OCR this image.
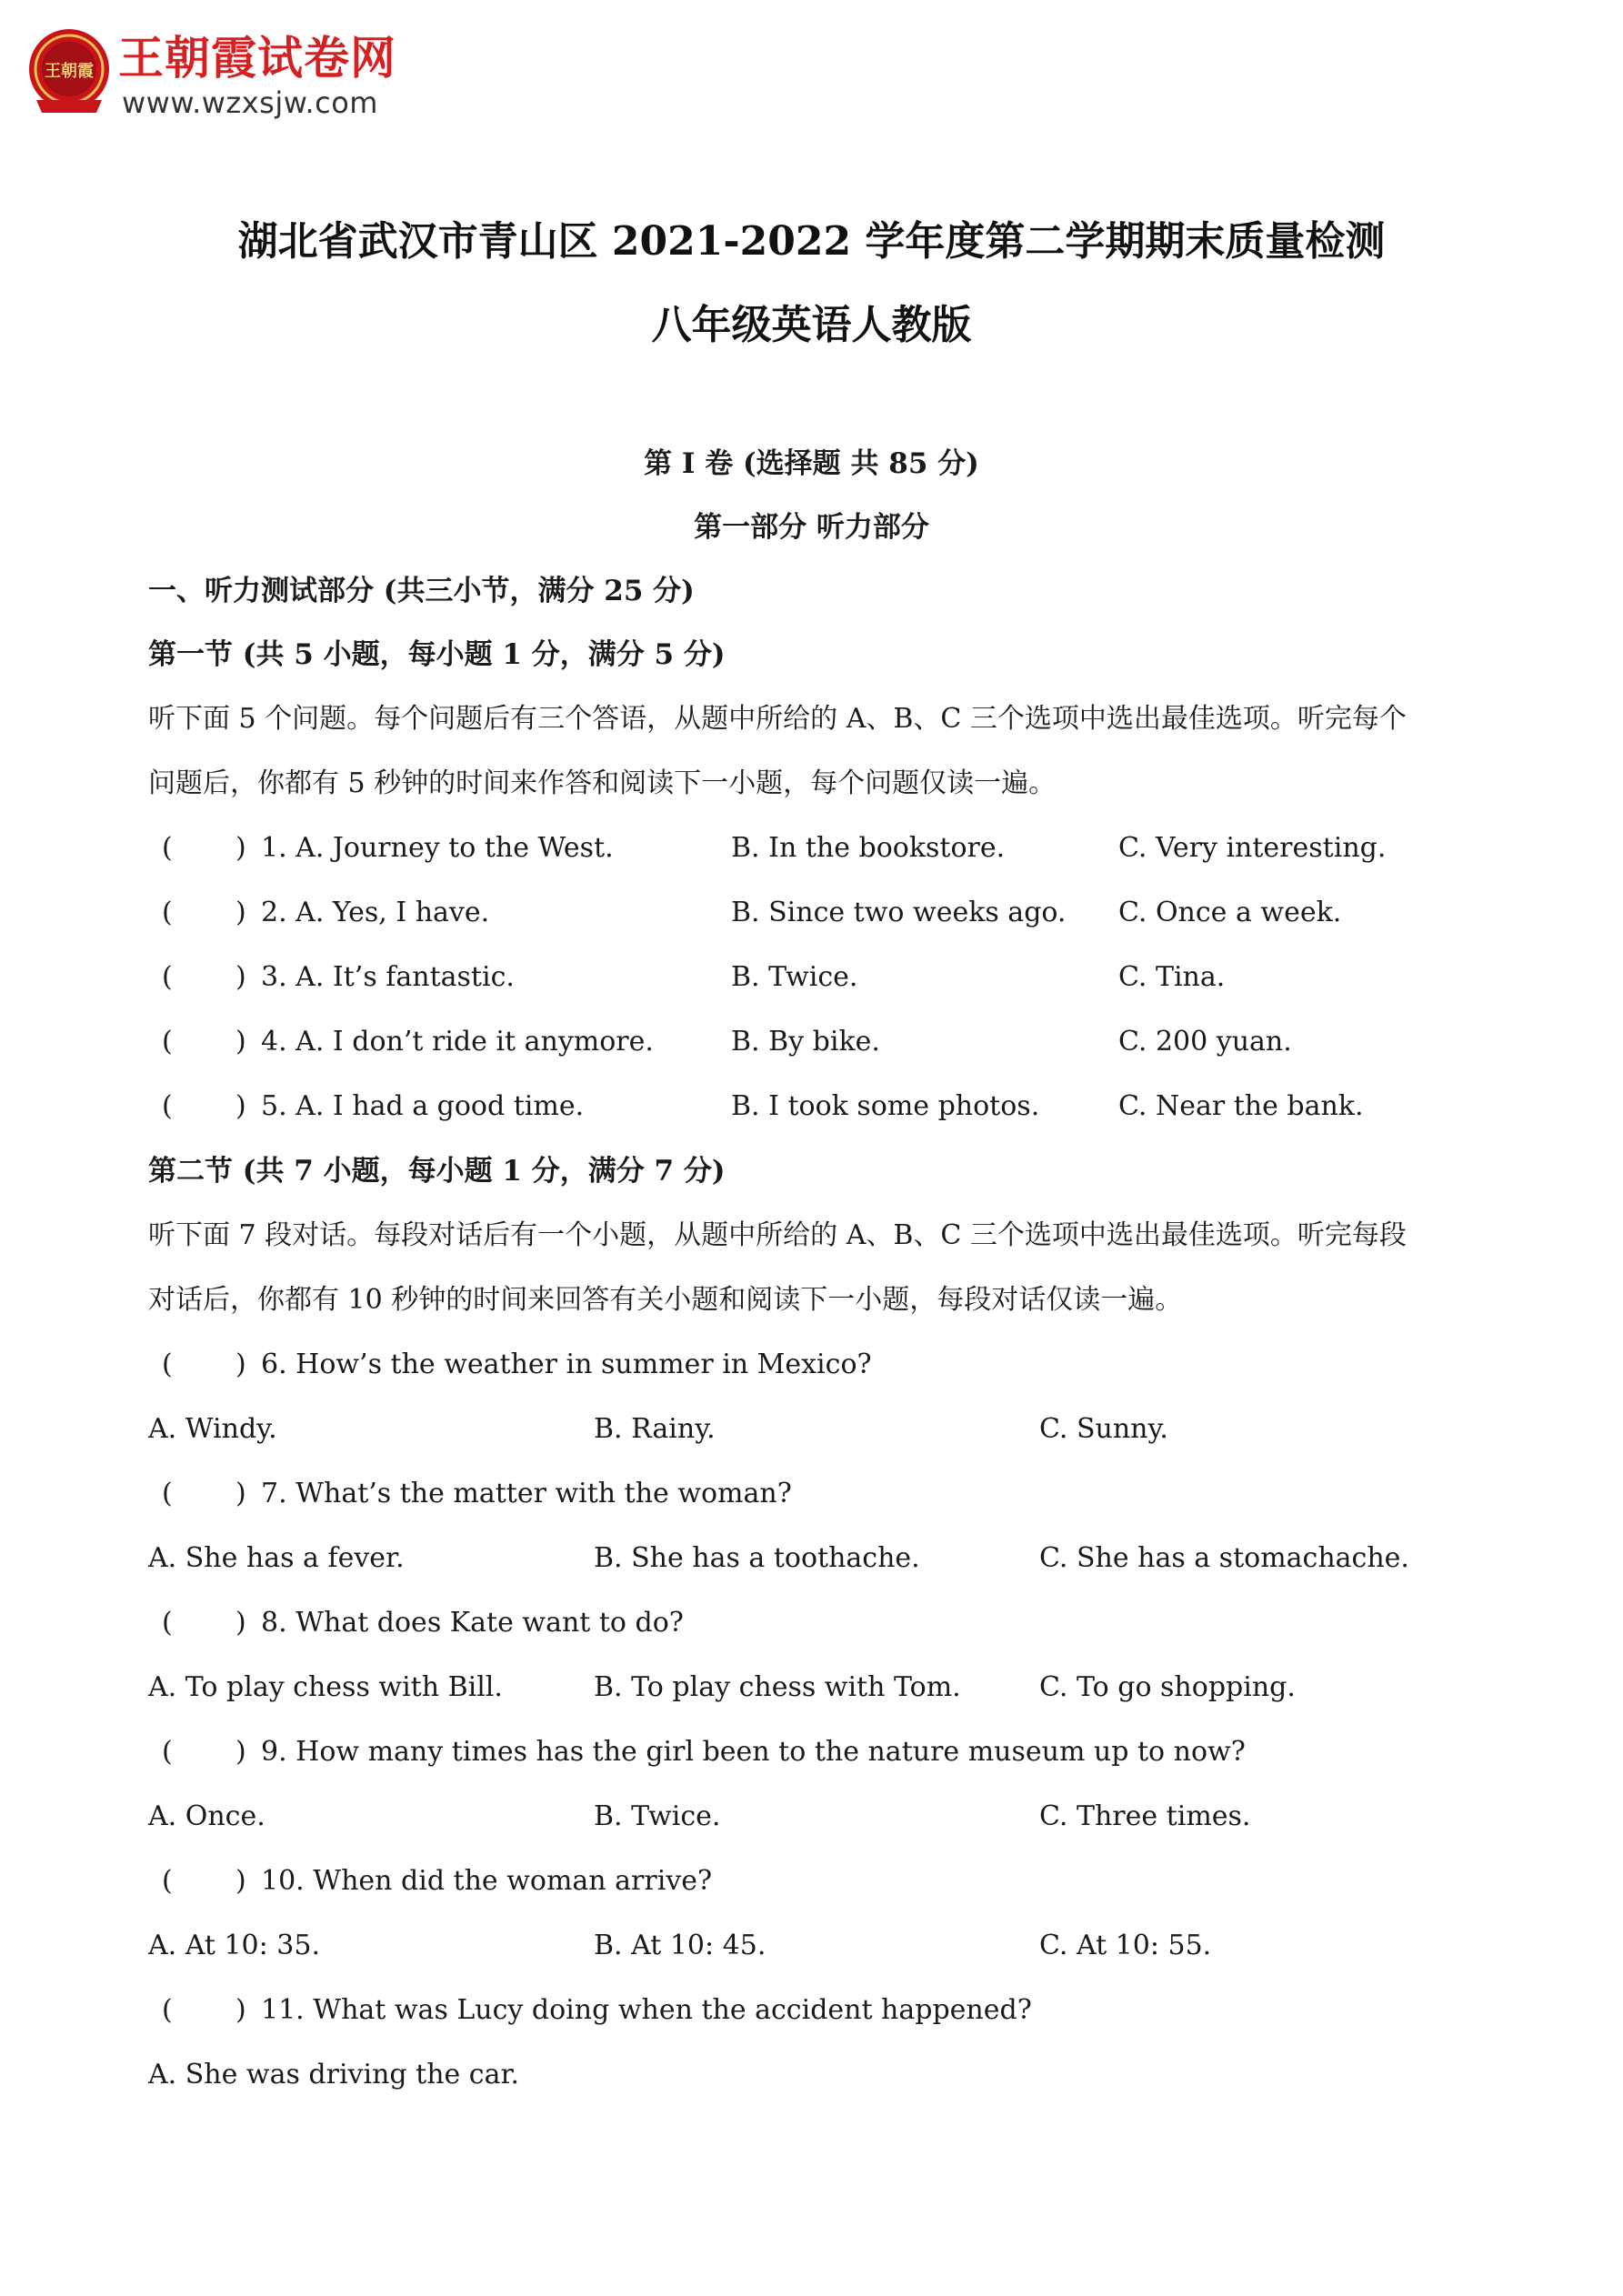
王朝霞 王朝霞试卷网
www.wzxsjw.com
湖北省武汉市青山区 2021-2022 学年度第二学期期末质量检测
八年级英语人教版
第 I 卷 (选择题 共 85 分)
第一部分 听力部分
一、听力测试部分 (共三小节，满分 25 分)
第一节 (共 5 小题，每小题 1 分，满分 5 分)
听下面 5 个问题。每个问题后有三个答语，从题中所给的 A、B、C 三个选项中选出最佳选项。听完每个
问题后，你都有 5 秒钟的时间来作答和阅读下一小题，每个问题仅读一遍。
( ) 1. A. Journey to the West.	B. In the bookstore.	C. Very interesting.
( ) 2. A. Yes, I have.	B. Since two weeks ago. C. Once a week.
( ) 3. A. It’s fantastic.	B. Twice.	C. Tina.
( ) 4. A. I don’t ride it anymore.	B. By bike.	C. 200 yuan.
( ) 5. A. I had a good time.	B. I took some photos.	C. Near the bank.
第二节 (共 7 小题，每小题 1 分，满分 7 分)
听下面 7 段对话。每段对话后有一个小题，从题中所给的 A、B、C 三个选项中选出最佳选项。听完每段
对话后，你都有 10 秒钟的时间来回答有关小题和阅读下一小题，每段对话仅读一遍。
( ) 6. How’s the weather in summer in Mexico?
A. Windy.	B. Rainy.	C. Sunny.
( ) 7. What’s the matter with the woman?
A. She has a fever.	B. She has a toothache.	C. She has a stomachache.
( ) 8. What does Kate want to do?
A. To play chess with Bill.	B. To play chess with Tom.	C. To go shopping.
( ) 9. How many times has the girl been to the nature museum up to now?
A. Once.	B. Twice.	C. Three times.
( ) 10. When did the woman arrive?
A. At 10: 35.	B. At 10: 45.	C. At 10: 55.
( ) 11. What was Lucy doing when the accident happened?
A. She was driving the car.
